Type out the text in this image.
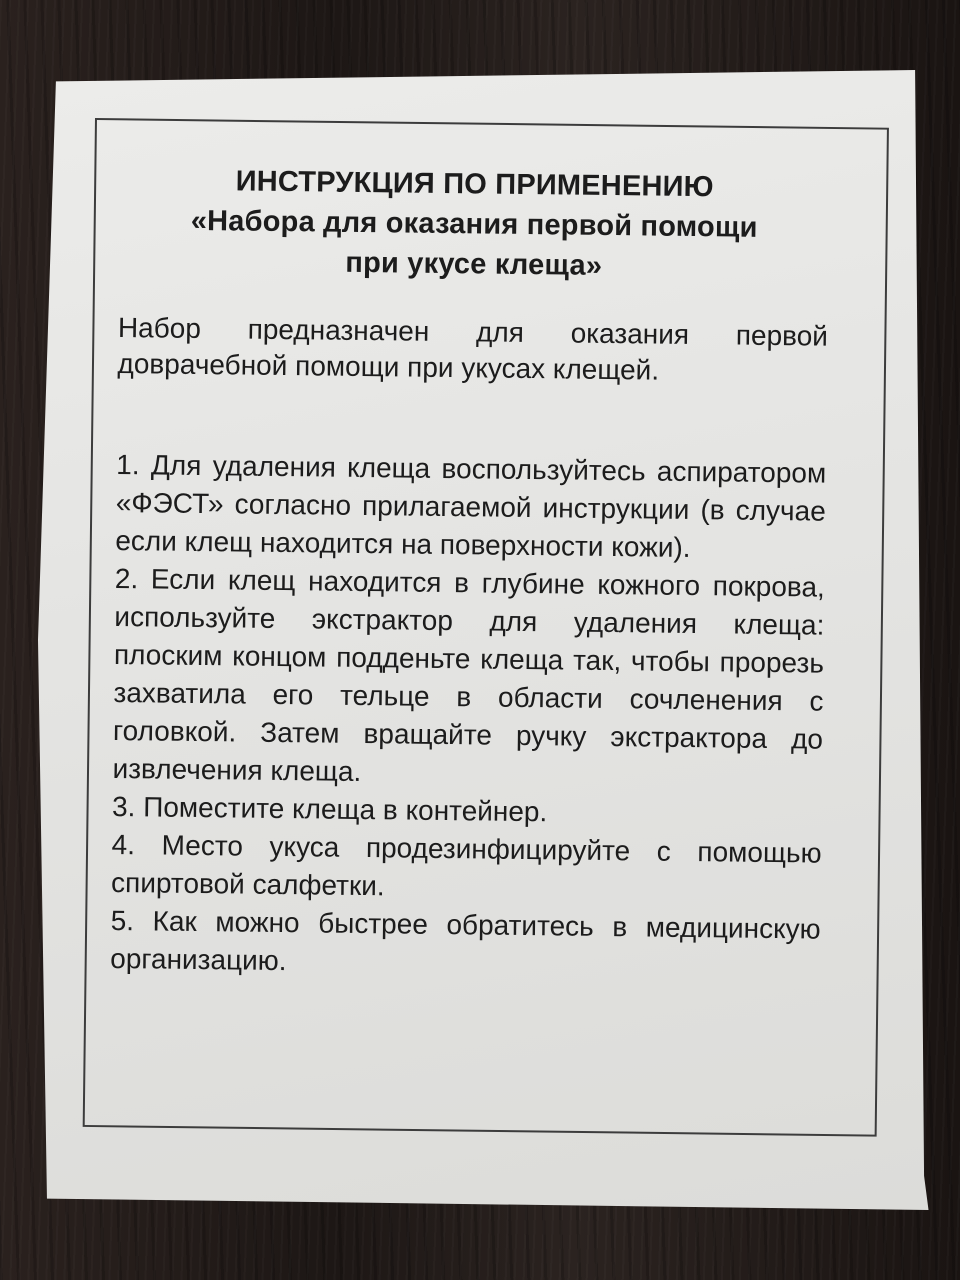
ИНСТРУКЦИЯ ПО ПРИМЕНЕНИЮ
«Набора для оказания первой помощи
при укусе клеща»

Набор предназначен для оказания первой доврачебной помощи при укусах клещей.

1. Для удаления клеща воспользуйтесь аспиратором «ФЭСТ» согласно прилагаемой инструкции (в случае если клещ находится на поверхности кожи).

2. Если клещ находится в глубине кожного покрова, используйте экстрактор для удаления клеща: плоским концом подденьте клеща так, чтобы прорезь захватила его тельце в области сочленения с головкой. Затем вращайте ручку экстрактора до извлечения клеща.

3. Поместите клеща в контейнер.

4. Место укуса продезинфицируйте с помощью спиртовой салфетки.

5. Как можно быстрее обратитесь в медицинскую организацию.
